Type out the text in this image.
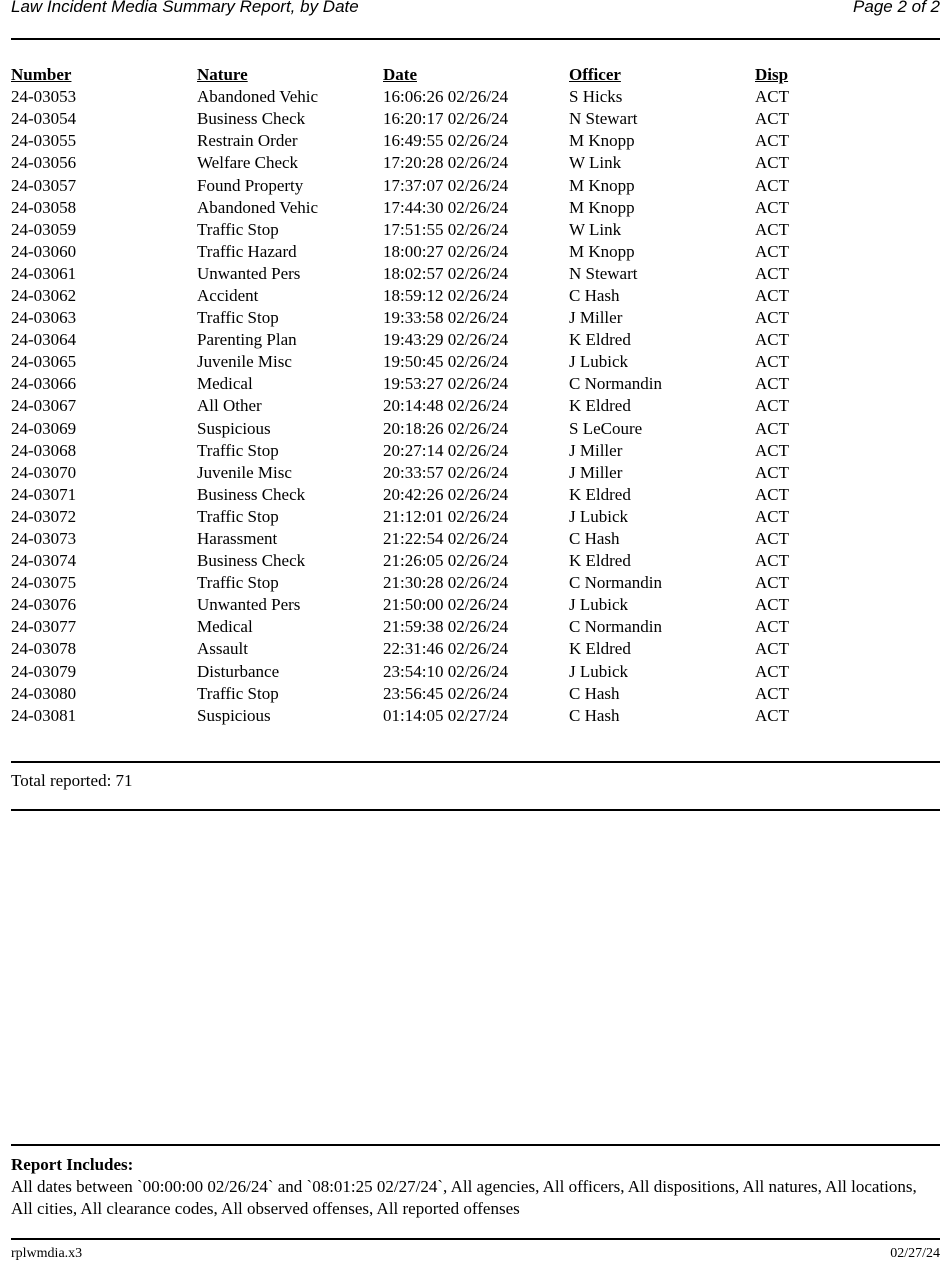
Law Incident Media Summary Report, by Date	Page 2 of 2
Number	Nature	Date	Officer	Disp
24-03053	Abandoned Vehic	16:06:26 02/26/24	S Hicks	ACT
24-03054	Business Check	16:20:17 02/26/24	N Stewart	ACT
24-03055	Restrain Order	16:49:55 02/26/24	M Knopp	ACT
24-03056	Welfare Check	17:20:28 02/26/24	W Link	ACT
24-03057	Found Property	17:37:07 02/26/24	M Knopp	ACT
24-03058	Abandoned Vehic	17:44:30 02/26/24	M Knopp	ACT
24-03059	Traffic Stop	17:51:55 02/26/24	W Link	ACT
24-03060	Traffic Hazard	18:00:27 02/26/24	M Knopp	ACT
24-03061	Unwanted Pers	18:02:57 02/26/24	N Stewart	ACT
24-03062	Accident	18:59:12 02/26/24	C Hash	ACT
24-03063	Traffic Stop	19:33:58 02/26/24	J Miller	ACT
24-03064	Parenting Plan	19:43:29 02/26/24	K Eldred	ACT
24-03065	Juvenile Misc	19:50:45 02/26/24	J Lubick	ACT
24-03066	Medical	19:53:27 02/26/24	C Normandin	ACT
24-03067	All Other	20:14:48 02/26/24	K Eldred	ACT
24-03069	Suspicious	20:18:26 02/26/24	S LeCoure	ACT
24-03068	Traffic Stop	20:27:14 02/26/24	J Miller	ACT
24-03070	Juvenile Misc	20:33:57 02/26/24	J Miller	ACT
24-03071	Business Check	20:42:26 02/26/24	K Eldred	ACT
24-03072	Traffic Stop	21:12:01 02/26/24	J Lubick	ACT
24-03073	Harassment	21:22:54 02/26/24	C Hash	ACT
24-03074	Business Check	21:26:05 02/26/24	K Eldred	ACT
24-03075	Traffic Stop	21:30:28 02/26/24	C Normandin	ACT
24-03076	Unwanted Pers	21:50:00 02/26/24	J Lubick	ACT
24-03077	Medical	21:59:38 02/26/24	C Normandin	ACT
24-03078	Assault	22:31:46 02/26/24	K Eldred	ACT
24-03079	Disturbance	23:54:10 02/26/24	J Lubick	ACT
24-03080	Traffic Stop	23:56:45 02/26/24	C Hash	ACT
24-03081	Suspicious	01:14:05 02/27/24	C Hash	ACT
Total reported: 71
Report Includes:
All dates between `00:00:00 02/26/24` and `08:01:25 02/27/24`, All agencies, All officers, All dispositions, All natures, All locations, All cities, All clearance codes, All observed offenses, All reported offenses
rplwmdia.x3	02/27/24
